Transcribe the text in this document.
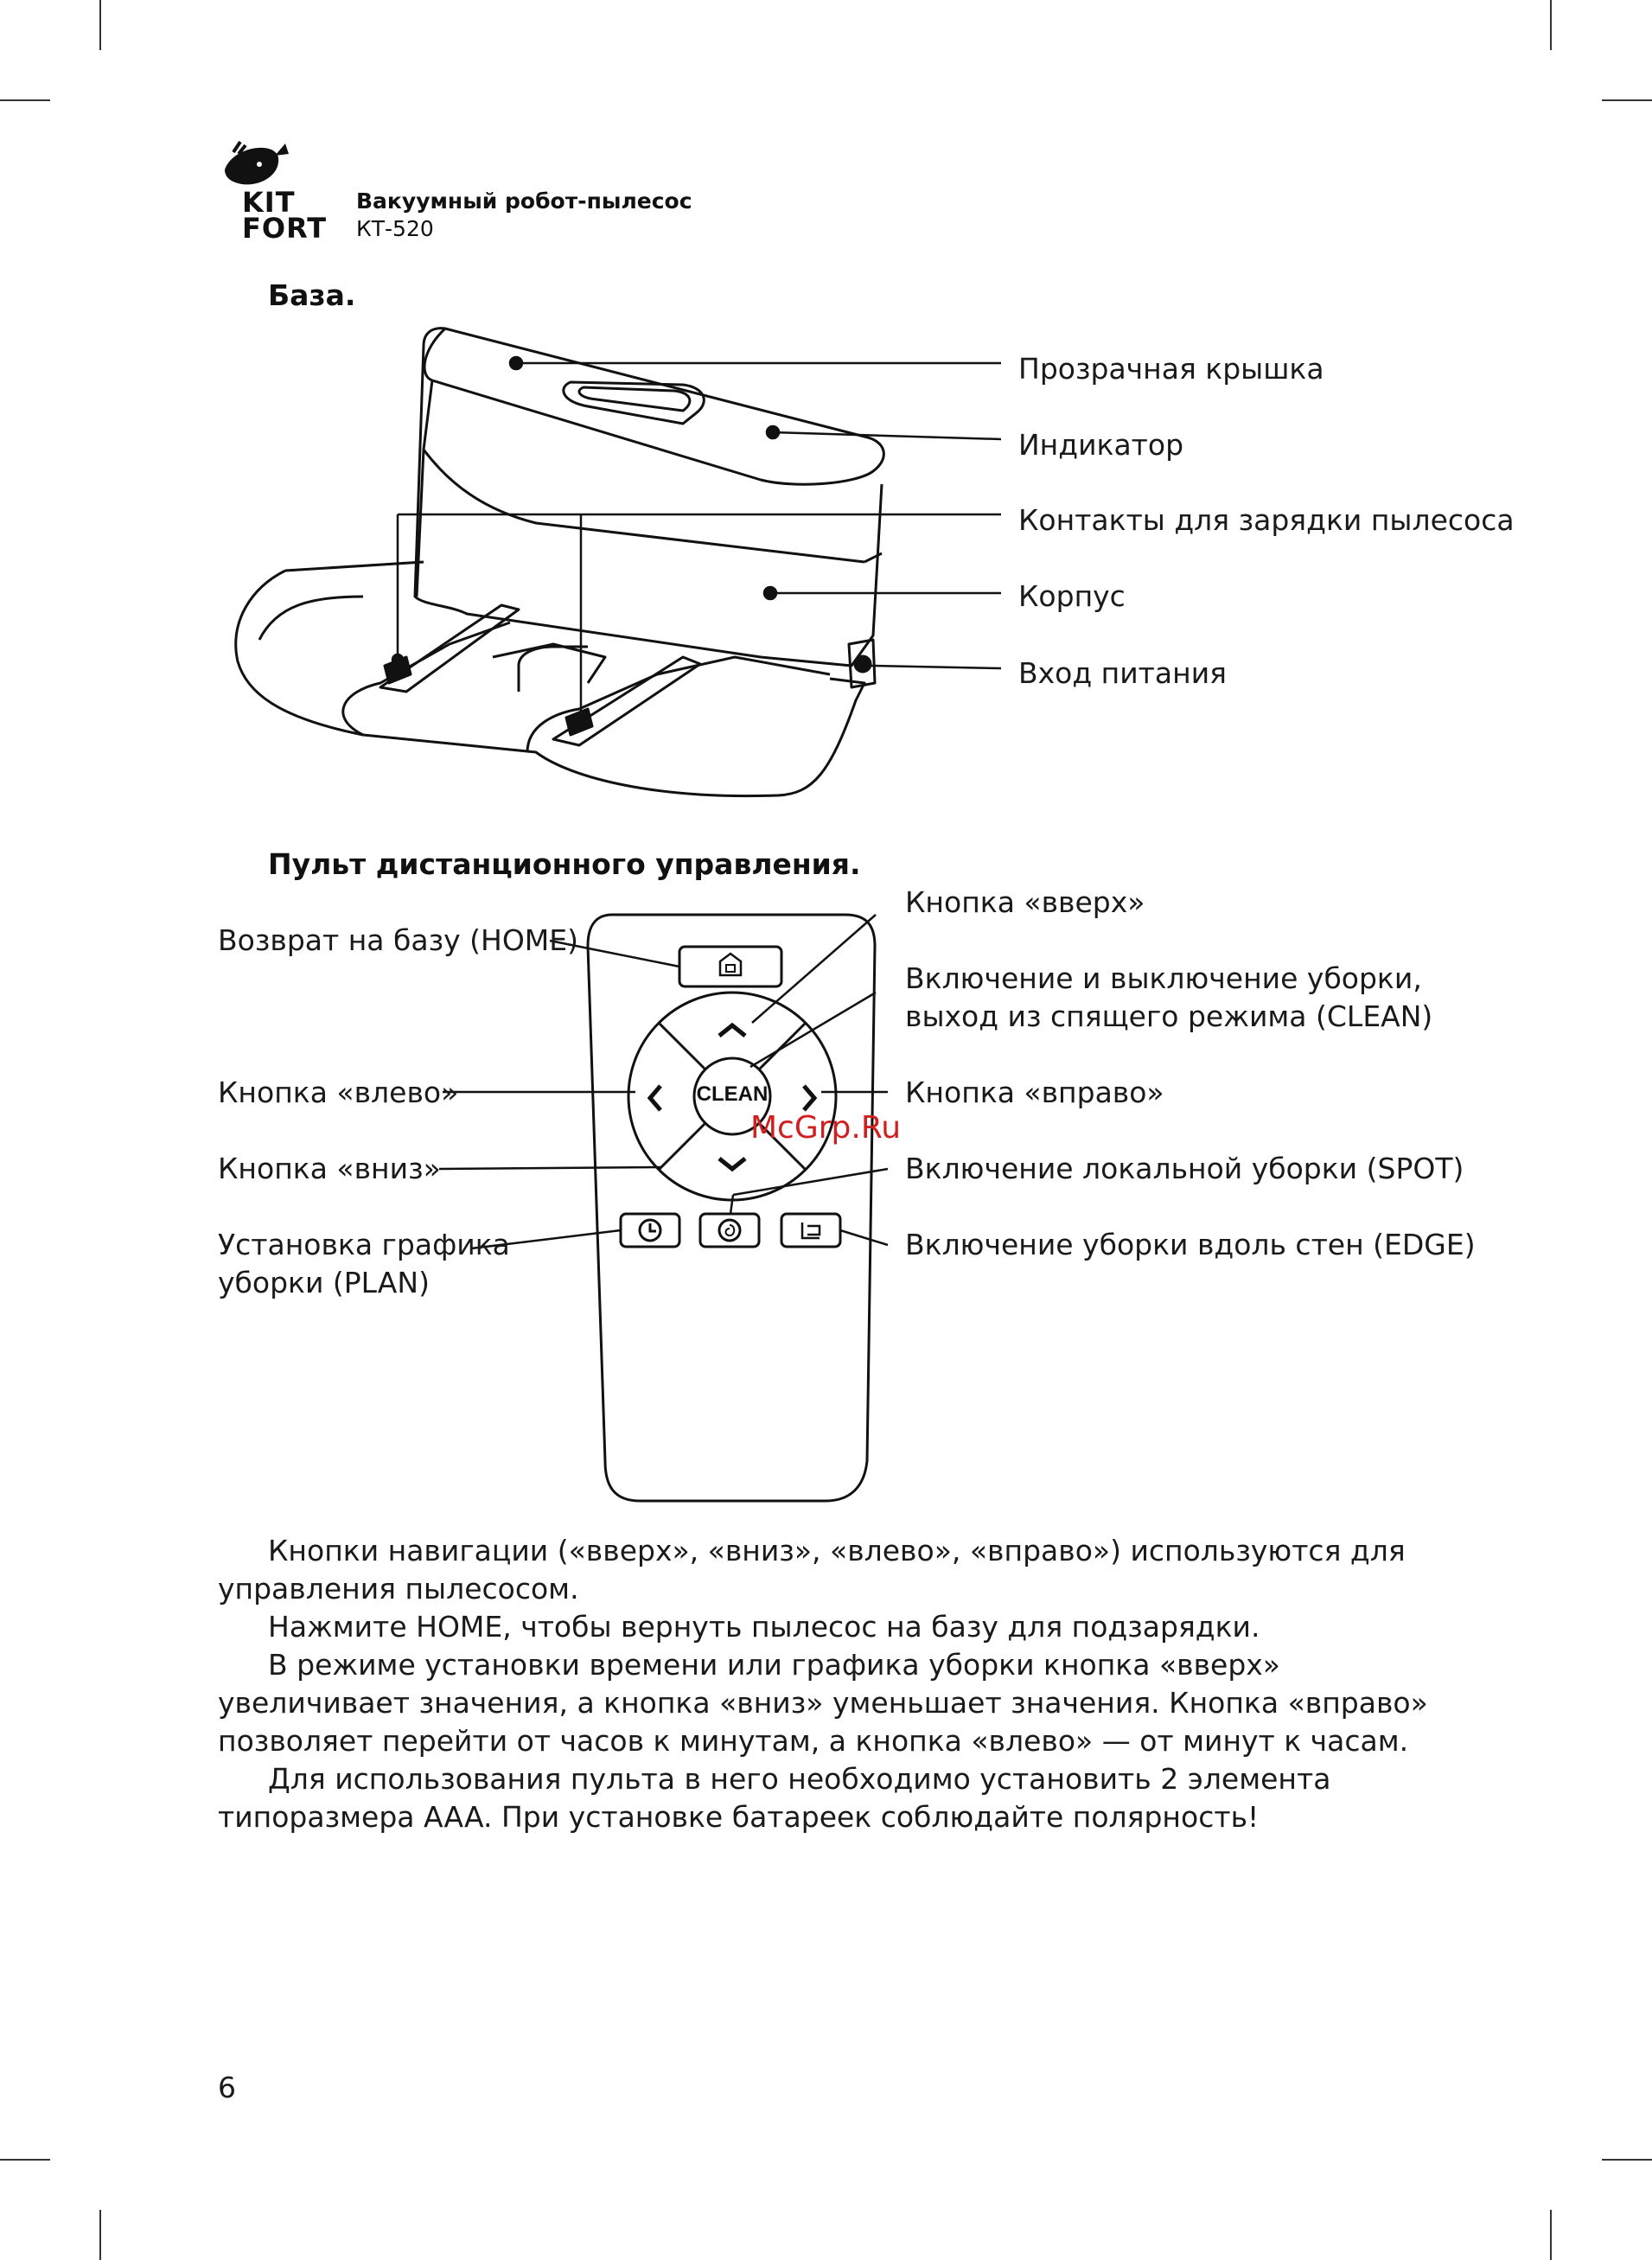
KIT
FORT
Вакуумный робот-пылесос
КТ-520
База.
Прозрачная крышка
Индикатор
Контакты для зарядки пылесоса
Корпус
Вход питания
Пульт дистанционного управления.
CLEAN
Возврат на базу (HOME)
Кнопка «вверх»
Включение и выключение уборки,
выход из спящего режима (CLEAN)
Кнопка «влево»	Кнопка «вправо»
Кнопка «вниз»	Включение локальной уборки (SPOT)
Установка графика
уборки (PLAN)
Включение уборки вдоль стен (EDGE)
McGrp.Ru

Кнопки навигации («вверх», «вниз», «влево», «вправо») используются для управления пылесосом.

Нажмите HOME, чтобы вернуть пылесос на базу для подзарядки.

В режиме установки времени или графика уборки кнопка «вверх» увеличивает значения, а кнопка «вниз» уменьшает значения. Кнопка «вправо» позволяет перейти от часов к минутам, а кнопка «влево» — от минут к часам.

Для использования пульта в него необходимо установить 2 элемента типоразмера AAA. При установке батареек соблюдайте полярность!

6
